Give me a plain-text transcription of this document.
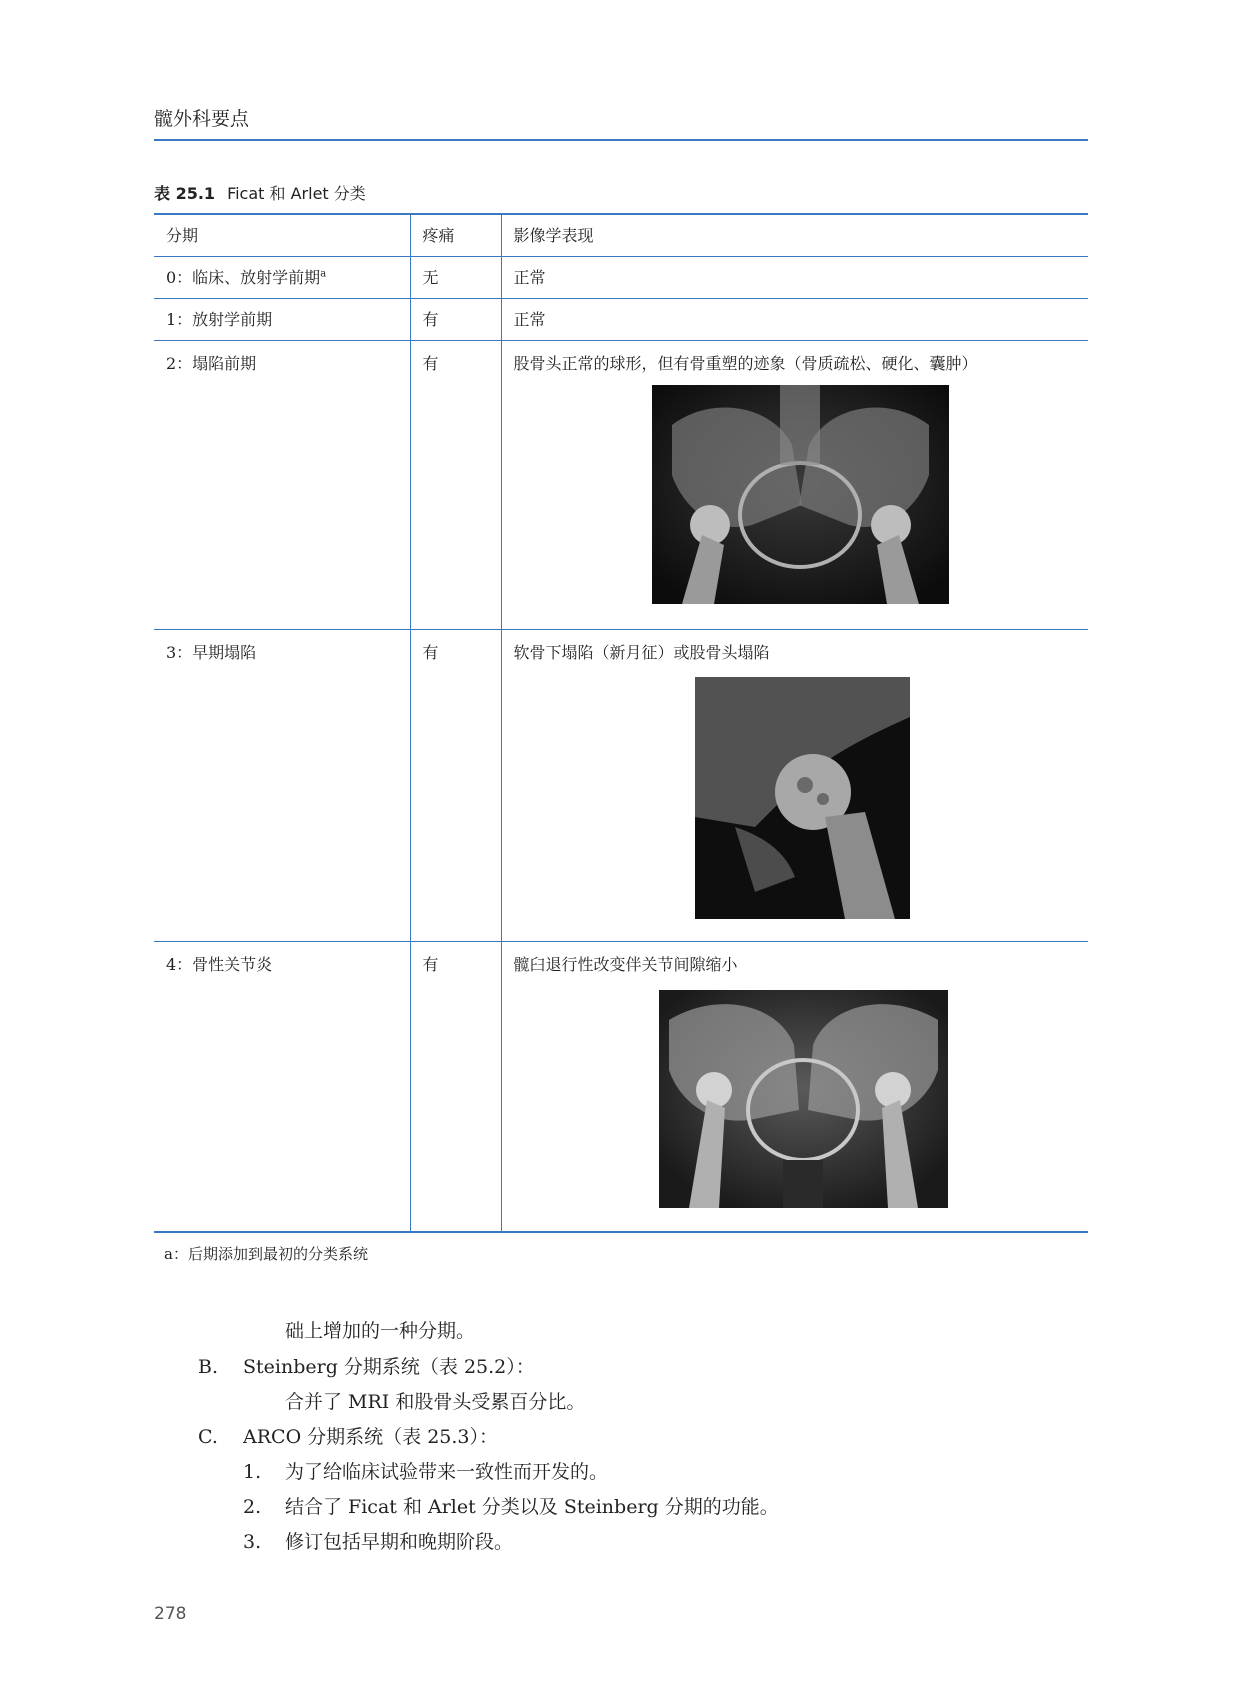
髋外科要点
表 25.1 Ficat 和 Arlet 分类
分期	疼痛	影像学表现
0：临床、放射学前期$^a$	无	正常
1：放射学前期	有	正常
2：塌陷前期	有	股骨头正常的球形，但有骨重塑的迹象（骨质疏松、硬化、囊肿）
3：早期塌陷	有	软骨下塌陷（新月征）或股骨头塌陷
4：骨性关节炎	有	髋臼退行性改变伴关节间隙缩小
a：后期添加到最初的分类系统
础上增加的一种分期。
B. Steinberg 分期系统（表 25.2）：
合并了 MRI 和股骨头受累百分比。
C. ARCO 分期系统（表 25.3）：
1. 为了给临床试验带来一致性而开发的。
2. 结合了 Ficat 和 Arlet 分类以及 Steinberg 分期的功能。
3. 修订包括早期和晚期阶段。
278
